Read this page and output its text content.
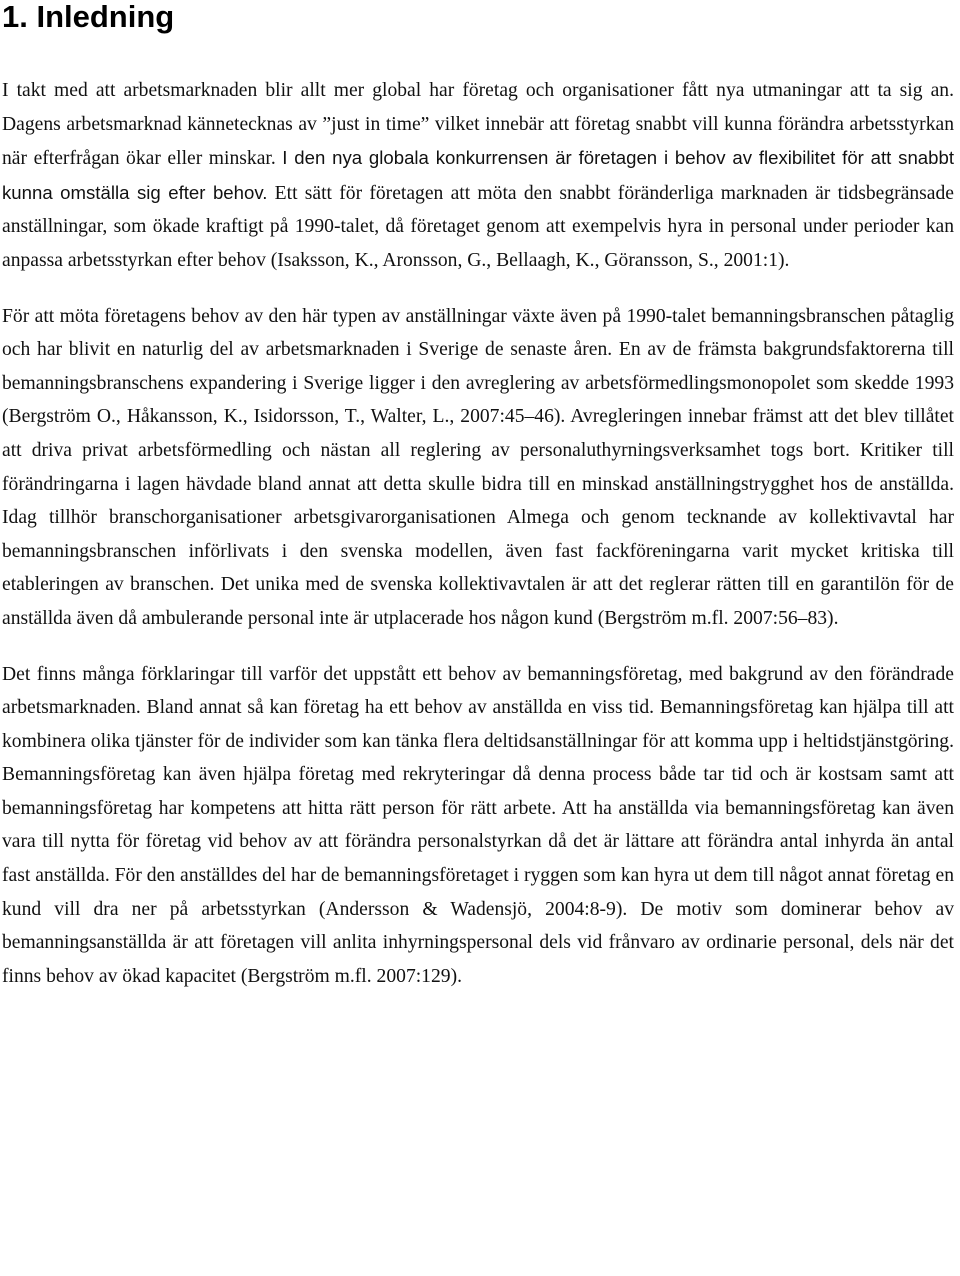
1. Inledning

I takt med att arbetsmarknaden blir allt mer global har företag och organisationer fått nya utmaningar att ta sig an. Dagens arbetsmarknad kännetecknas av ”just in time” vilket innebär att företag snabbt vill kunna förändra arbetsstyrkan när efterfrågan ökar eller minskar. I den nya globala konkurrensen är företagen i behov av flexibilitet för att snabbt kunna omställa sig efter behov. Ett sätt för företagen att möta den snabbt föränderliga marknaden är tidsbegränsade anställningar, som ökade kraftigt på 1990-talet, då företaget genom att exempelvis hyra in personal under perioder kan anpassa arbetsstyrkan efter behov (Isaksson, K., Aronsson, G., Bellaagh, K., Göransson, S., 2001:1).

För att möta företagens behov av den här typen av anställningar växte även på 1990-talet bemanningsbranschen påtaglig och har blivit en naturlig del av arbetsmarknaden i Sverige de senaste åren. En av de främsta bakgrundsfaktorerna till bemanningsbranschens expandering i Sverige ligger i den avreglering av arbetsförmedlingsmonopolet som skedde 1993 (Bergström O., Håkansson, K., Isidorsson, T., Walter, L., 2007:45–46). Avregleringen innebar främst att det blev tillåtet att driva privat arbetsförmedling och nästan all reglering av personaluthyrningsverksamhet togs bort. Kritiker till förändringarna i lagen hävdade bland annat att detta skulle bidra till en minskad anställningstrygghet hos de anställda. Idag tillhör branschorganisationer arbetsgivarorganisationen Almega och genom tecknande av kollektivavtal har bemanningsbranschen införlivats i den svenska modellen, även fast fackföreningarna varit mycket kritiska till etableringen av branschen. Det unika med de svenska kollektivavtalen är att det reglerar rätten till en garantilön för de anställda även då ambulerande personal inte är utplacerade hos någon kund (Bergström m.fl. 2007:56–83).

Det finns många förklaringar till varför det uppstått ett behov av bemanningsföretag, med bakgrund av den förändrade arbetsmarknaden. Bland annat så kan företag ha ett behov av anställda en viss tid. Bemanningsföretag kan hjälpa till att kombinera olika tjänster för de individer som kan tänka flera deltidsanställningar för att komma upp i heltidstjänstgöring. Bemanningsföretag kan även hjälpa företag med rekryteringar då denna process både tar tid och är kostsam samt att bemanningsföretag har kompetens att hitta rätt person för rätt arbete. Att ha anställda via bemanningsföretag kan även vara till nytta för företag vid behov av att förändra personalstyrkan då det är lättare att förändra antal inhyrda än antal fast anställda. För den anställdes del har de bemanningsföretaget i ryggen som kan hyra ut dem till något annat företag en kund vill dra ner på arbetsstyrkan (Andersson & Wadensjö, 2004:8-9). De motiv som dominerar behov av bemanningsanställda är att företagen vill anlita inhyrningspersonal dels vid frånvaro av ordinarie personal, dels när det finns behov av ökad kapacitet (Bergström m.fl. 2007:129).
